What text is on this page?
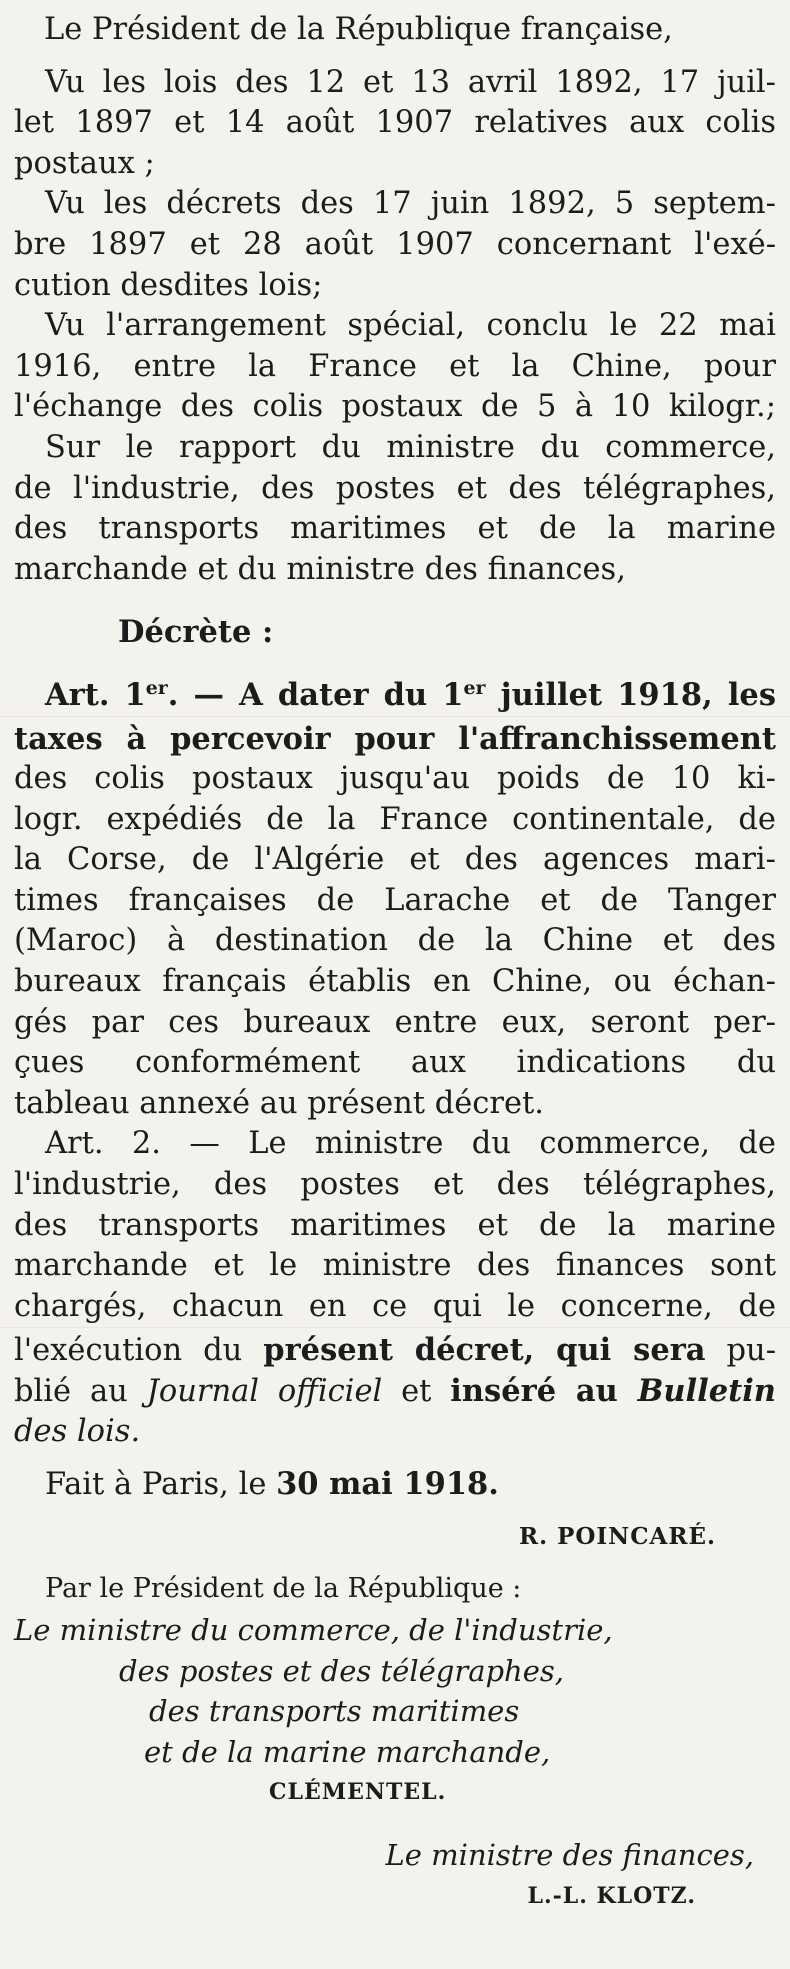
Le Président de la République française,
Vu les lois des 12 et 13 avril 1892, 17 juil-
let 1897 et 14 août 1907 relatives aux colis
postaux ;
Vu les décrets des 17 juin 1892, 5 septem-
bre 1897 et 28 août 1907 concernant l'exé-
cution desdites lois;
Vu l'arrangement spécial, conclu le 22 mai
1916, entre la France et la Chine, pour
l'échange des colis postaux de 5 à 10 kilogr.;
Sur le rapport du ministre du commerce,
de l'industrie, des postes et des télégraphes,
des transports maritimes et de la marine
marchande et du ministre des finances,
Décrète :
Art. 1er. — A dater du 1er juillet 1918, les
taxes à percevoir pour l'affranchissement
des colis postaux jusqu'au poids de 10 ki-
logr. expédiés de la France continentale, de
la Corse, de l'Algérie et des agences mari-
times françaises de Larache et de Tanger
(Maroc) à destination de la Chine et des
bureaux français établis en Chine, ou échan-
gés par ces bureaux entre eux, seront per-
çues conformément aux indications du
tableau annexé au présent décret.
Art. 2. — Le ministre du commerce, de
l'industrie, des postes et des télégraphes,
des transports maritimes et de la marine
marchande et le ministre des finances sont
chargés, chacun en ce qui le concerne, de
l'exécution du présent décret, qui sera pu-
blié au Journal officiel et inséré au Bulletin
des lois.
Fait à Paris, le 30 mai 1918.
R. POINCARÉ.
Par le Président de la République :
Le ministre du commerce, de l'industrie,
des postes et des télégraphes,
des transports maritimes
et de la marine marchande,
CLÉMENTEL.
Le ministre des finances,
L.-L. KLOTZ.
